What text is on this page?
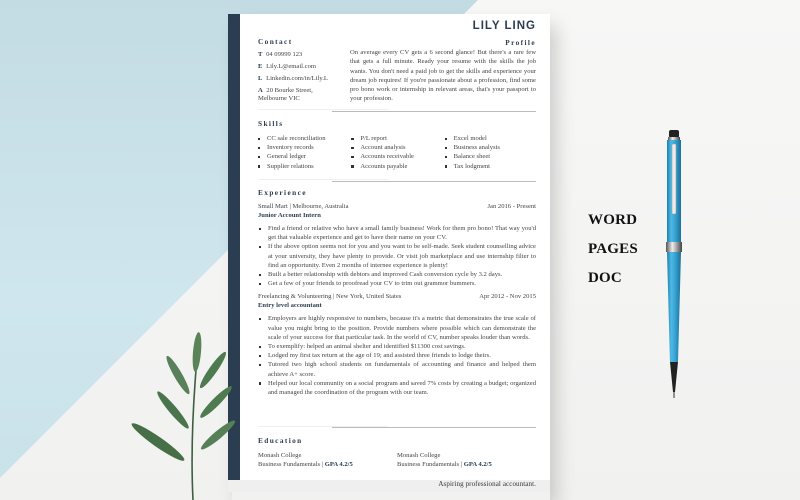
LILY LING
Contact
T 04 09999 123
E Lily.L@email.com
L Linkedin.com/in/Lily.L
A 20 Bourke Street,
Melbourne VIC
Profile
On average every CV gets a 6 second glance! But there's a rare few that gets a full minute. Ready your resume with the skills the job wants. You don't need a paid job to get the skills and experience your dream job requires! If you're passionate about a profession, find some pro bono work or internship in relevant areas, that's your passport to your profession.
Skills
CC sale reconciliation
Inventory records
General ledger
Supplier relations
P/L report
Account analysis
Accounts receivable
Accounts payable
Excel model
Business analysis
Balance sheet
Tax lodgment
Experience
Small Mart | Melbourne, Australia	Jan 2016 - Present
Junior Account Intern
Find a friend or relative who have a small family business! Work for them pro bono! That way you'd get that valuable experience and get to have their name on your CV.
If the above option seems not for you and you want to be self-made. Seek student counselling advice at your university, they have plenty to provide. Or visit job marketplace and use internship filter to find an opportunity. Even 2 months of internee experience is plenty!
Built a better relationship with debtors and improved Cash conversion cycle by 3.2 days.
Get a few of your friends to proofread your CV to trim out grammor bummers.
Freelancing & Volunteering | New York, United States	Apr 2012 - Nov 2015
Entry level accountant
Employers are highly responsive to numbers, because it's a metric that demonstrates the true scale of value you might bring to the position. Provide numbers where possible which can demonstrate the scale of your success for that particular task. In the world of CV, number speaks louder than words.
To exemplify: helped an animal shelter and identified $11300 cost savings.
Lodged my first tax return at the age of 19; and assisted three friends to lodge theirs.
Tutored two high school students on fundamentals of accounting and finance and helped them achieve A+ score.
Helped our local community on a social program and saved 7% costs by creating a budget; organized and managed the coordination of the program with our team.
Education
Monash College
Business Fundamentals | GPA 4.2/5
Monash College
Business Fundamentals | GPA 4.2/5
Aspiring professional accountant.
WORD
PAGES
DOC
